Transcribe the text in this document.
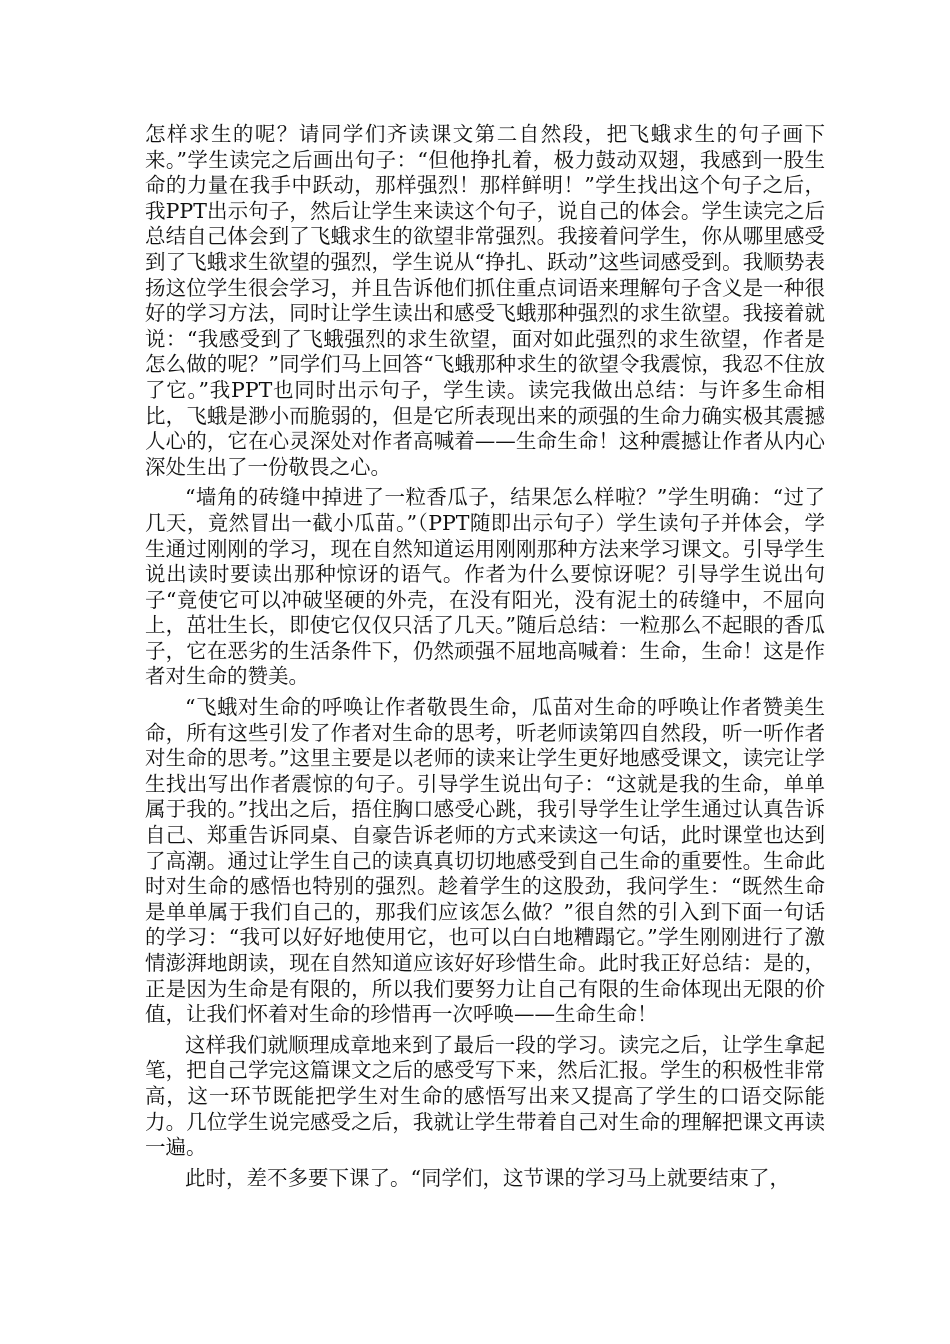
怎样求生的呢？请同学们齐读课文第二自然段，把飞蛾求生的句子画下来。”学生读完之后画出句子：“但他挣扎着，极力鼓动双翅，我感到一股生命的力量在我手中跃动，那样强烈！那样鲜明！”学生找出这个句子之后，我PPT出示句子，然后让学生来读这个句子，说自己的体会。学生读完之后总结自己体会到了飞蛾求生的欲望非常强烈。我接着问学生，你从哪里感受到了飞蛾求生欲望的强烈，学生说从“挣扎、跃动”这些词感受到。我顺势表扬这位学生很会学习，并且告诉他们抓住重点词语来理解句子含义是一种很好的学习方法，同时让学生读出和感受飞蛾那种强烈的求生欲望。我接着就说：“我感受到了飞蛾强烈的求生欲望，面对如此强烈的求生欲望，作者是怎么做的呢？”同学们马上回答“飞蛾那种求生的欲望令我震惊，我忍不住放了它。”我PPT也同时出示句子，学生读。读完我做出总结：与许多生命相比，飞蛾是渺小而脆弱的，但是它所表现出来的顽强的生命力确实极其震撼人心的，它在心灵深处对作者高喊着——生命生命！这种震撼让作者从内心深处生出了一份敬畏之心。

“墙角的砖缝中掉进了一粒香瓜子，结果怎么样啦？”学生明确：“过了几天，竟然冒出一截小瓜苗。”（PPT随即出示句子）学生读句子并体会，学生通过刚刚的学习，现在自然知道运用刚刚那种方法来学习课文。引导学生说出读时要读出那种惊讶的语气。作者为什么要惊讶呢？引导学生说出句子“竟使它可以冲破坚硬的外壳，在没有阳光，没有泥土的砖缝中，不屈向上，茁壮生长，即使它仅仅只活了几天。”随后总结：一粒那么不起眼的香瓜子，它在恶劣的生活条件下，仍然顽强不屈地高喊着：生命，生命！这是作者对生命的赞美。

“飞蛾对生命的呼唤让作者敬畏生命，瓜苗对生命的呼唤让作者赞美生命，所有这些引发了作者对生命的思考，听老师读第四自然段，听一听作者对生命的思考。”这里主要是以老师的读来让学生更好地感受课文，读完让学生找出写出作者震惊的句子。引导学生说出句子：“这就是我的生命，单单属于我的。”找出之后，捂住胸口感受心跳，我引导学生让学生通过认真告诉自己、郑重告诉同桌、自豪告诉老师的方式来读这一句话，此时课堂也达到了高潮。通过让学生自己的读真真切切地感受到自己生命的重要性。生命此时对生命的感悟也特别的强烈。趁着学生的这股劲，我问学生：“既然生命是单单属于我们自己的，那我们应该怎么做？”很自然的引入到下面一句话的学习：“我可以好好地使用它，也可以白白地糟蹋它。”学生刚刚进行了激情澎湃地朗读，现在自然知道应该好好珍惜生命。此时我正好总结：是的，正是因为生命是有限的，所以我们要努力让自己有限的生命体现出无限的价值，让我们怀着对生命的珍惜再一次呼唤——生命生命！

这样我们就顺理成章地来到了最后一段的学习。读完之后，让学生拿起笔，把自己学完这篇课文之后的感受写下来，然后汇报。学生的积极性非常高，这一环节既能把学生对生命的感悟写出来又提高了学生的口语交际能力。几位学生说完感受之后，我就让学生带着自己对生命的理解把课文再读一遍。

此时，差不多要下课了。“同学们，这节课的学习马上就要结束了，
